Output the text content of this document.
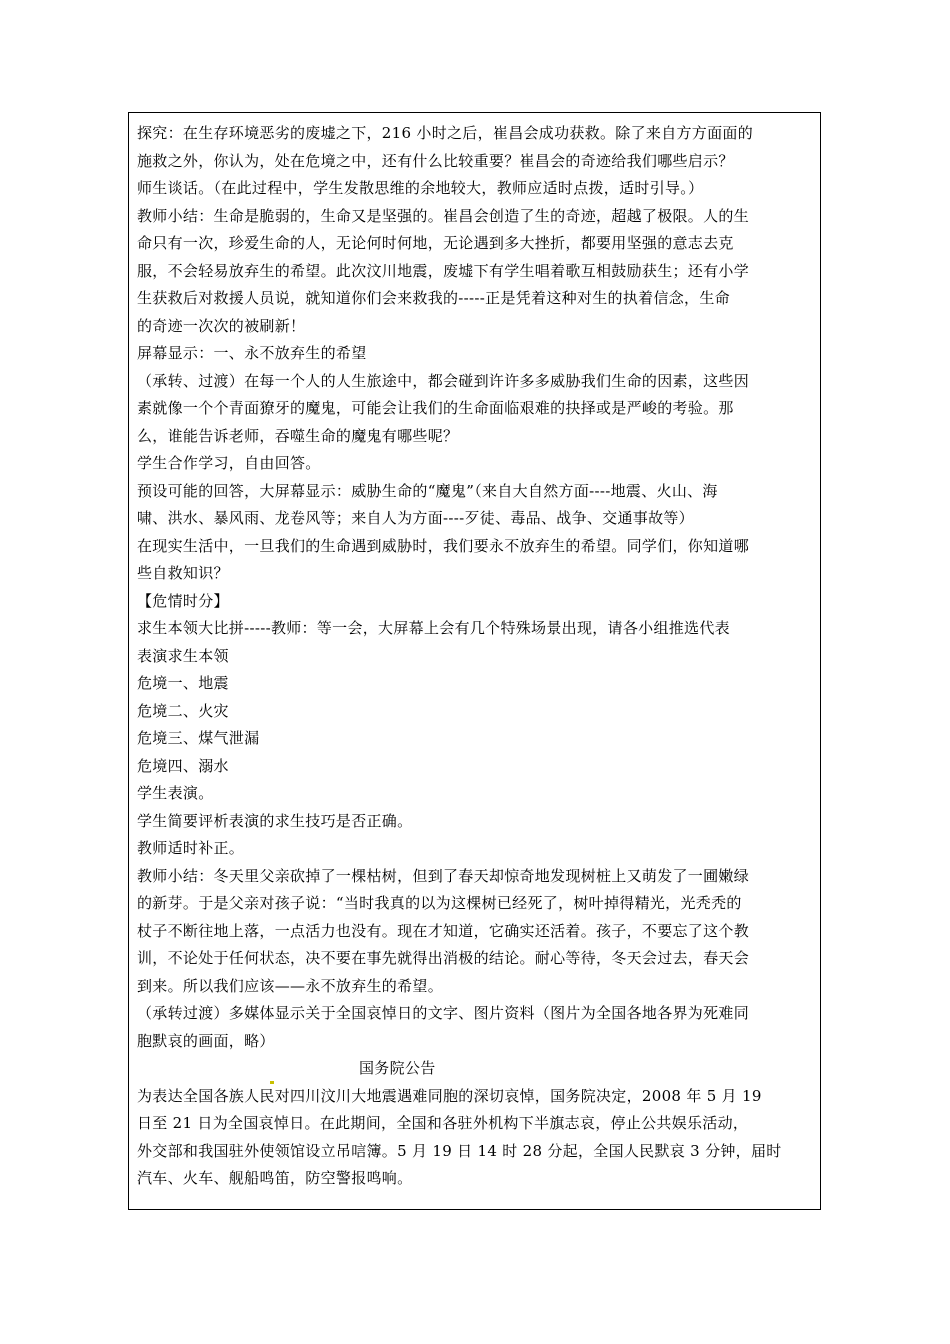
探究：在生存环境恶劣的废墟之下，216 小时之后，崔昌会成功获救。除了来自方方面面的
施救之外，你认为，处在危境之中，还有什么比较重要？崔昌会的奇迹给我们哪些启示？
师生谈话。（在此过程中，学生发散思维的余地较大，教师应适时点拨，适时引导。）
教师小结：生命是脆弱的，生命又是坚强的。崔昌会创造了生的奇迹，超越了极限。人的生
命只有一次，珍爱生命的人，无论何时何地，无论遇到多大挫折，都要用坚强的意志去克
服，不会轻易放弃生的希望。此次汶川地震，废墟下有学生唱着歌互相鼓励获生；还有小学
生获救后对救援人员说，就知道你们会来救我的-----正是凭着这种对生的执着信念，生命
的奇迹一次次的被刷新！
屏幕显示：一、永不放弃生的希望
（承转、过渡）在每一个人的人生旅途中，都会碰到许许多多威胁我们生命的因素，这些因
素就像一个个青面獠牙的魔鬼，可能会让我们的生命面临艰难的抉择或是严峻的考验。那
么，谁能告诉老师，吞噬生命的魔鬼有哪些呢？
学生合作学习，自由回答。
预设可能的回答，大屏幕显示：威胁生命的“魔鬼”（来自大自然方面----地震、火山、海
啸、洪水、暴风雨、龙卷风等；来自人为方面----歹徒、毒品、战争、交通事故等）
在现实生活中，一旦我们的生命遇到威胁时，我们要永不放弃生的希望。同学们，你知道哪
些自救知识？
【危情时分】
求生本领大比拼-----教师：等一会，大屏幕上会有几个特殊场景出现，请各小组推选代表
表演求生本领
危境一、地震
危境二、火灾
危境三、煤气泄漏
危境四、溺水
学生表演。
学生简要评析表演的求生技巧是否正确。
教师适时补正。
教师小结：冬天里父亲砍掉了一棵枯树，但到了春天却惊奇地发现树桩上又萌发了一圃嫩绿
的新芽。于是父亲对孩子说：“当时我真的以为这棵树已经死了，树叶掉得精光，光秃秃的
杖子不断往地上落，一点活力也没有。现在才知道，它确实还活着。孩子，不要忘了这个教
训，不论处于任何状态，决不要在事先就得出消极的结论。耐心等待，冬天会过去，春天会
到来。所以我们应该——永不放弃生的希望。
（承转过渡）多媒体显示关于全国哀悼日的文字、图片资料（图片为全国各地各界为死难同
胞默哀的画面，略）
国务院公告
为表达全国各族人民对四川汶川大地震遇难同胞的深切哀悼，国务院决定，2008 年 5 月 19
日至 21 日为全国哀悼日。在此期间，全国和各驻外机构下半旗志哀，停止公共娱乐活动，
外交部和我国驻外使领馆设立吊唁簿。5 月 19 日 14 时 28 分起，全国人民默哀 3 分钟，届时
汽车、火车、舰船鸣笛，防空警报鸣响。
